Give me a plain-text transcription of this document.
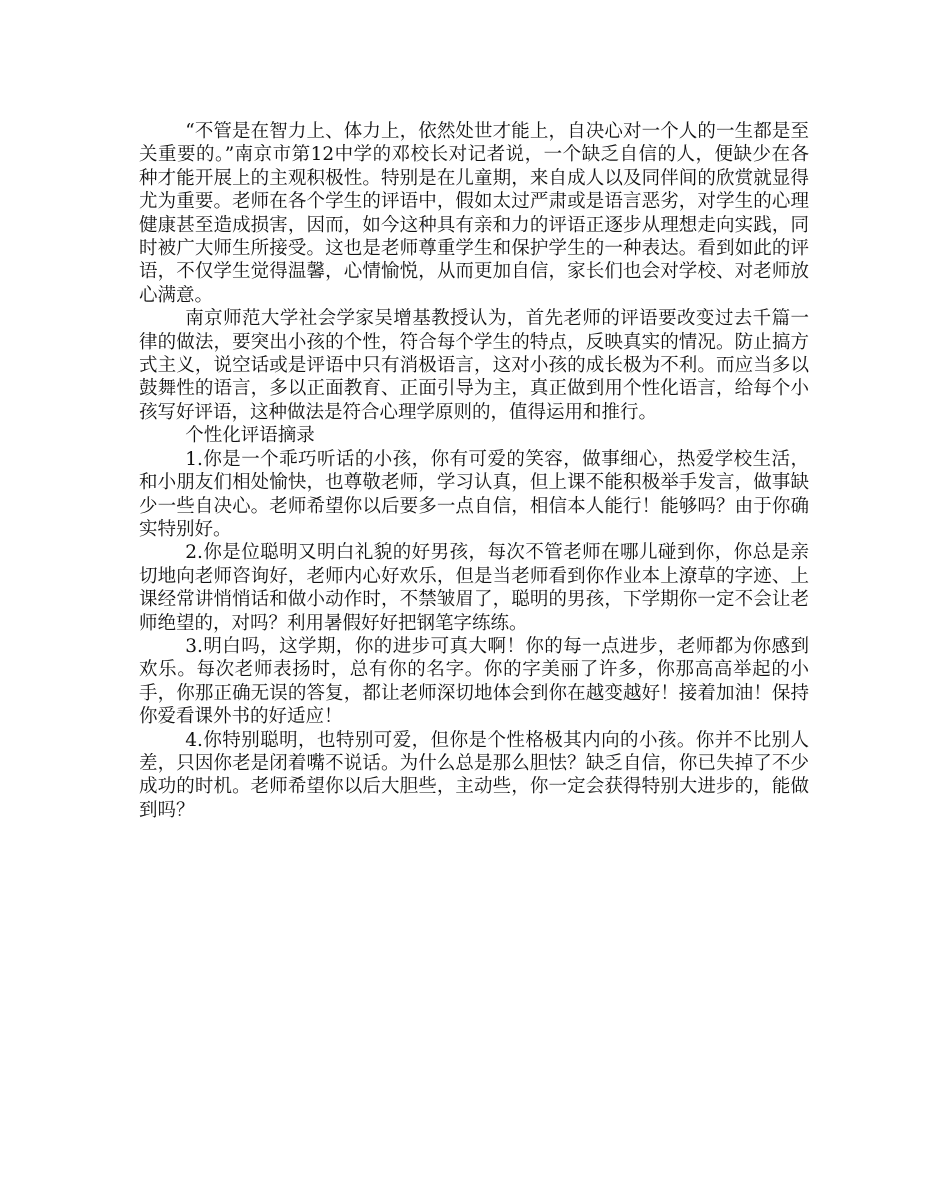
“不管是在智力上、体力上，依然处世才能上，自决心对一个人的一生都是至关重要的。”南京市第12中学的邓校长对记者说，一个缺乏自信的人，便缺少在各种才能开展上的主观积极性。特别是在儿童期，来自成人以及同伴间的欣赏就显得尤为重要。老师在各个学生的评语中，假如太过严肃或是语言恶劣，对学生的心理健康甚至造成损害，因而，如今这种具有亲和力的评语正逐步从理想走向实践，同时被广大师生所接受。这也是老师尊重学生和保护学生的一种表达。看到如此的评语，不仅学生觉得温馨，心情愉悦，从而更加自信，家长们也会对学校、对老师放心满意。

南京师范大学社会学家吴增基教授认为，首先老师的评语要改变过去千篇一律的做法，要突出小孩的个性，符合每个学生的特点，反映真实的情况。防止搞方式主义，说空话或是评语中只有消极语言，这对小孩的成长极为不利。而应当多以鼓舞性的语言，多以正面教育、正面引导为主，真正做到用个性化语言，给每个小孩写好评语，这种做法是符合心理学原则的，值得运用和推行。

个性化评语摘录

1.你是一个乖巧听话的小孩，你有可爱的笑容，做事细心，热爱学校生活，和小朋友们相处愉快，也尊敬老师，学习认真，但上课不能积极举手发言，做事缺少一些自决心。老师希望你以后要多一点自信，相信本人能行！能够吗？由于你确实特别好。

2.你是位聪明又明白礼貌的好男孩，每次不管老师在哪儿碰到你，你总是亲切地向老师咨询好，老师内心好欢乐，但是当老师看到你作业本上潦草的字迹、上课经常讲悄悄话和做小动作时，不禁皱眉了，聪明的男孩，下学期你一定不会让老师绝望的，对吗？利用暑假好好把钢笔字练练。

3.明白吗，这学期，你的进步可真大啊！你的每一点进步，老师都为你感到欢乐。每次老师表扬时，总有你的名字。你的字美丽了许多，你那高高举起的小手，你那正确无误的答复，都让老师深切地体会到你在越变越好！接着加油！保持你爱看课外书的好适应！

4.你特别聪明，也特别可爱，但你是个性格极其内向的小孩。你并不比别人差，只因你老是闭着嘴不说话。为什么总是那么胆怯？缺乏自信，你已失掉了不少成功的时机。老师希望你以后大胆些，主动些，你一定会获得特别大进步的，能做到吗？
